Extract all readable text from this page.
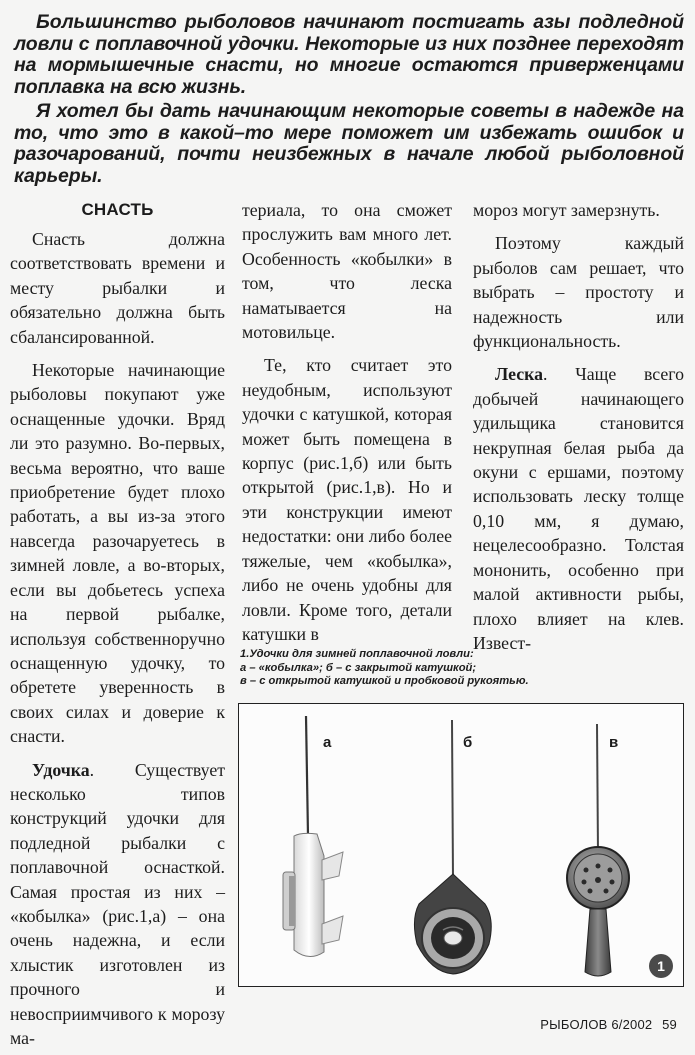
Большинство рыболовов начинают постигать азы подледной ловли с поплавочной удочки. Некоторые из них позднее переходят на мормышечные снасти, но многие остаются приверженцами поплавка на всю жизнь.

Я хотел бы дать начинающим некоторые советы в надежде на то, что это в какой–то мере поможет им избежать ошибок и разочарований, почти неизбежных в начале любой рыболовной карьеры.

СНАСТЬ

Снасть должна соответствовать времени и месту рыбалки и обязательно должна быть сбалансированной.

Некоторые начинающие рыболовы покупают уже оснащенные удочки. Вряд ли это разумно. Во-первых, весьма вероятно, что ваше приобретение будет плохо работать, а вы из-за этого навсегда разочаруетесь в зимней ловле, а во-вторых, если вы добьетесь успеха на первой рыбалке, используя собственноручно оснащенную удочку, то обретете уверенность в своих силах и доверие к снасти.

Удочка. Существует несколько типов конструкций удочки для подледной рыбалки с поплавочной оснасткой. Самая простая из них – «кобылка» (рис.1,а) – она очень надежна, и если хлыстик изготовлен из прочного и невосприимчивого к морозу ма-

териала, то она сможет прослужить вам много лет. Особенность «кобылки» в том, что леска наматывается на мотовильце.

Те, кто считает это неудобным, используют удочки с катушкой, которая может быть помещена в корпус (рис.1,б) или быть открытой (рис.1,в). Но и эти конструкции имеют недостатки: они либо более тяжелые, чем «кобылка», либо не очень удобны для ловли. Кроме того, детали катушки в

мороз могут замерзнуть.

Поэтому каждый рыболов сам решает, что выбрать – простоту и надежность или функциональность.

Леска. Чаще всего добычей начинающего удильщика становится некрупная белая рыба да окуни с ершами, поэтому использовать леску толще 0,10 мм, я думаю, нецелесообразно. Толстая мононить, особенно при малой активности рыбы, плохо влияет на клев. Извест-

1.Удочки для зимней поплавочной ловли:
а – «кобылка»; б – с закрытой катушкой;
в – с открытой катушкой и пробковой рукоятью.
а	б	в
1
РЫБОЛОВ 6/2002 59
